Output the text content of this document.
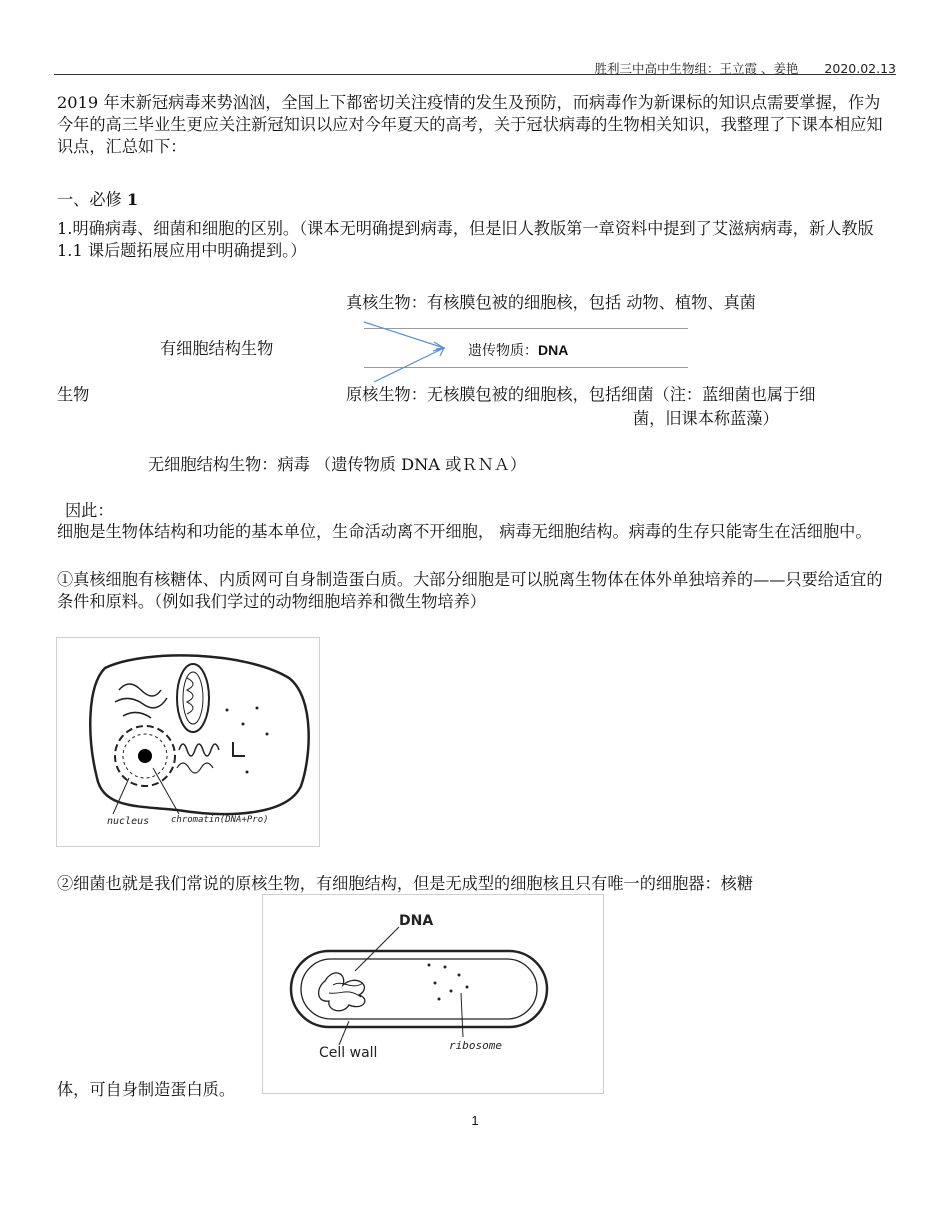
胜利三中高中生物组：王立霞 、姜艳 2020.02.13
2019 年末新冠病毒来势汹汹，全国上下都密切关注疫情的发生及预防，而病毒作为新课标的知识点需要掌握，作为今年的高三毕业生更应关注新冠知识以应对今年夏天的高考，关于冠状病毒的生物相关知识，我整理了下课本相应知识点，汇总如下：
一、必修 1
1.明确病毒、细菌和细胞的区别。（课本无明确提到病毒，但是旧人教版第一章资料中提到了艾滋病病毒，新人教版 1.1 课后题拓展应用中明确提到。）
真核生物：有核膜包被的细胞核，包括 动物、植物、真菌
有细胞结构生物	遗传物质：DNA
生物	原核生物：无核膜包被的细胞核，包括细菌（注：蓝细菌也属于细
菌，旧课本称蓝藻）
无细胞结构生物：病毒 （遗传物质 DNA 或ＲＮＡ）
因此：
细胞是生物体结构和功能的基本单位，生命活动离不开细胞， 病毒无细胞结构。病毒的生存只能寄生在活细胞中。
①真核细胞有核糖体、内质网可自身制造蛋白质。大部分细胞是可以脱离生物体在体外单独培养的——只要给适宜的条件和原料。（例如我们学过的动物细胞培养和微生物培养）
nucleus chromatin(DNA+Pro)
②细菌也就是我们常说的原核生物，有细胞结构，但是无成型的细胞核且只有唯一的细胞器：核糖
DNA
Cell wall	ribosome
体，可自身制造蛋白质。
1
